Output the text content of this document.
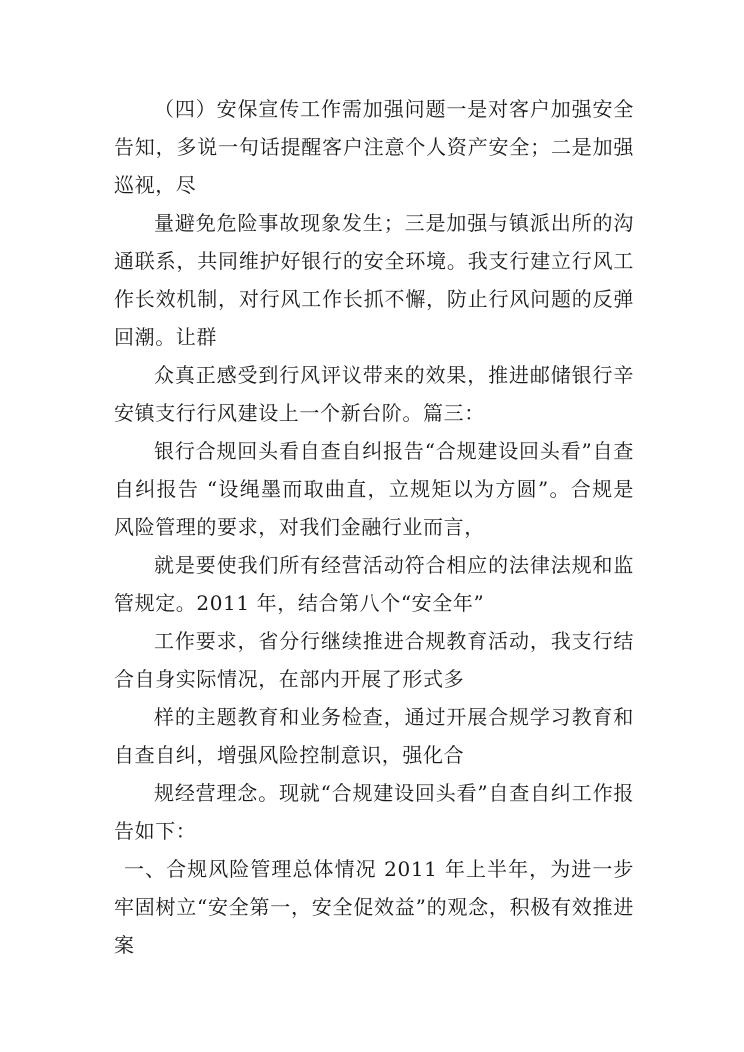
（四）安保宣传工作需加强问题一是对客户加强安全告知，多说一句话提醒客户注意个人资产安全；二是加强巡视，尽

量避免危险事故现象发生；三是加强与镇派出所的沟通联系，共同维护好银行的安全环境。我支行建立行风工作长效机制，对行风工作长抓不懈，防止行风问题的反弹回潮。让群

众真正感受到行风评议带来的效果，推进邮储银行辛安镇支行行风建设上一个新台阶。篇三：

银行合规回头看自查自纠报告“合规建设回头看”自查自纠报告 “设绳墨而取曲直，立规矩以为方圆”。合规是风险管理的要求，对我们金融行业而言，

就是要使我们所有经营活动符合相应的法律法规和监管规定。2011 年，结合第八个“安全年”

工作要求，省分行继续推进合规教育活动，我支行结合自身实际情况，在部内开展了形式多

样的主题教育和业务检查，通过开展合规学习教育和自查自纠，增强风险控制意识，强化合

规经营理念。现就“合规建设回头看”自查自纠工作报告如下：

一、合规风险管理总体情况 2011 年上半年，为进一步牢固树立“安全第一，安全促效益”的观念，积极有效推进案
